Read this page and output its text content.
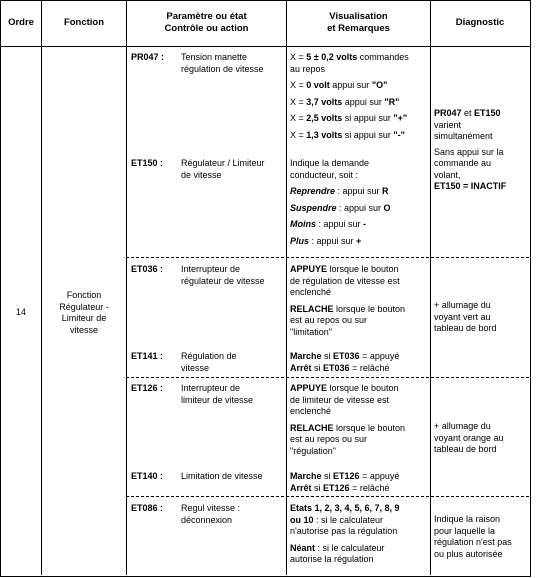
Ordre	Fonction
Paramètre ou état
Contrôle ou action
Visualisation
et Remarques
Diagnostic
14
Fonction
Régulateur -
Limiteur de
vitesse
PR047 : Tension manette
régulation de vitesse
X = 5 ± 0,2 volts commandes
au repos
X = 0 volt appui sur "O"
X = 3,7 volts appui sur "R"
X = 2,5 volts si appui sur "+"
X = 1,3 volts si appui sur "-"
ET150 : Régulateur / Limiteur
de vitesse
Indique la demande
conducteur, soit :
Reprendre : appui sur R
Suspendre : appui sur O
Moins : appui sur -
Plus : appui sur +
PR047 et ET150
varient
simultanément
Sans appui sur la
commande au
volant,
ET150 = INACTIF
ET036 : Interrupteur de
régulateur de vitesse
APPUYE lorsque le bouton
de régulation de vitesse est
enclenché
RELACHE lorsque le bouton
est au repos ou sur
"limitation"
ET141 : Régulation de
vitesse
Marche si ET036 = appuyé
Arrêt si ET036 = relâché
+ allumage du
voyant vert au
tableau de bord
ET126 : Interrupteur de
limiteur de vitesse
APPUYE lorsque le bouton
de limiteur de vitesse est
enclenché
RELACHE lorsque le bouton
est au repos ou sur
"régulation"
ET140 : Limitation de vitesse	Marche si ET126 = appuyé
Arrêt si ET126 = relâché
+ allumage du
voyant orange au
tableau de bord
ET086 : Regul vitesse :
déconnexion
Etats 1, 2, 3, 4, 5, 6, 7, 8, 9
ou 10 : si le calculateur
n'autorise pas la régulation
Néant : si le calculateur
autorise la régulation
Indique la raison
pour laquelle la
régulation n'est pas
ou plus autorisée
